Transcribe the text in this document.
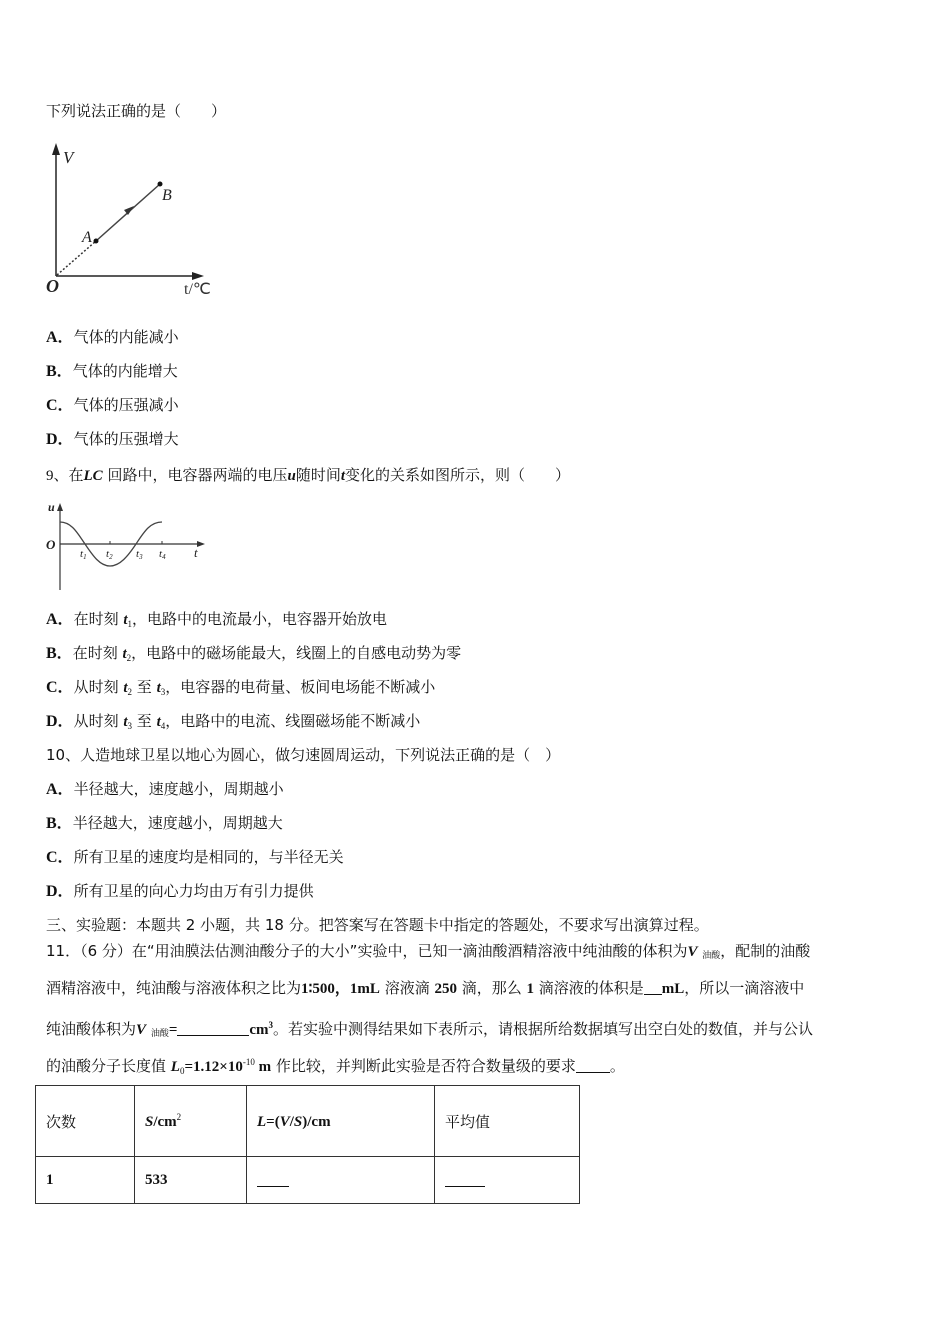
下列说法正确的是（　　）
V
A
B
O	t/℃
A．气体的内能减小
B．气体的内能增大
C．气体的压强减小
D．气体的压强增大
9、在LC 回路中，电容器两端的电压u随时间t变化的关系如图所示，则（　　）
u
O
t1 t2 t3 t4 t
A．在时刻 $t_1$，电路中的电流最小，电容器开始放电
B．在时刻 $t_2$，电路中的磁场能最大，线圈上的自感电动势为零
C．从时刻 $t_2$ 至 $t_3$，电容器的电荷量、板间电场能不断减小
D．从时刻 $t_3$ 至 $t_4$，电路中的电流、线圈磁场能不断减小
10、人造地球卫星以地心为圆心，做匀速圆周运动，下列说法正确的是（　）
A．半径越大，速度越小，周期越小
B．半径越大，速度越小，周期越大
C．所有卫星的速度均是相同的，与半径无关
D．所有卫星的向心力均由万有引力提供
三、实验题：本题共 2 小题，共 18 分。把答案写在答题卡中指定的答题处，不要求写出演算过程。
11．（6 分）在“用油膜法估测油酸分子的大小”实验中，已知一滴油酸酒精溶液中纯油酸的体积为V 油酸，配制的油酸
酒精溶液中，纯油酸与溶液体积之比为1∶500，1mL 溶液滴 250 滴，那么 1 滴溶液的体积是 mL，所以一滴溶液中
纯油酸体积为V 油酸=	$cm^3$。若实验中测得结果如下表所示，请根据所给数据填写出空白处的数值，并与公认
的油酸分子长度值 $L_0=1.12\times 10^{-10}$ m 作比较，并判断此实验是否符合数量级的要求 。
次数	$S/cm^2$	L=(V/S)/cm	平均值
1	533		
